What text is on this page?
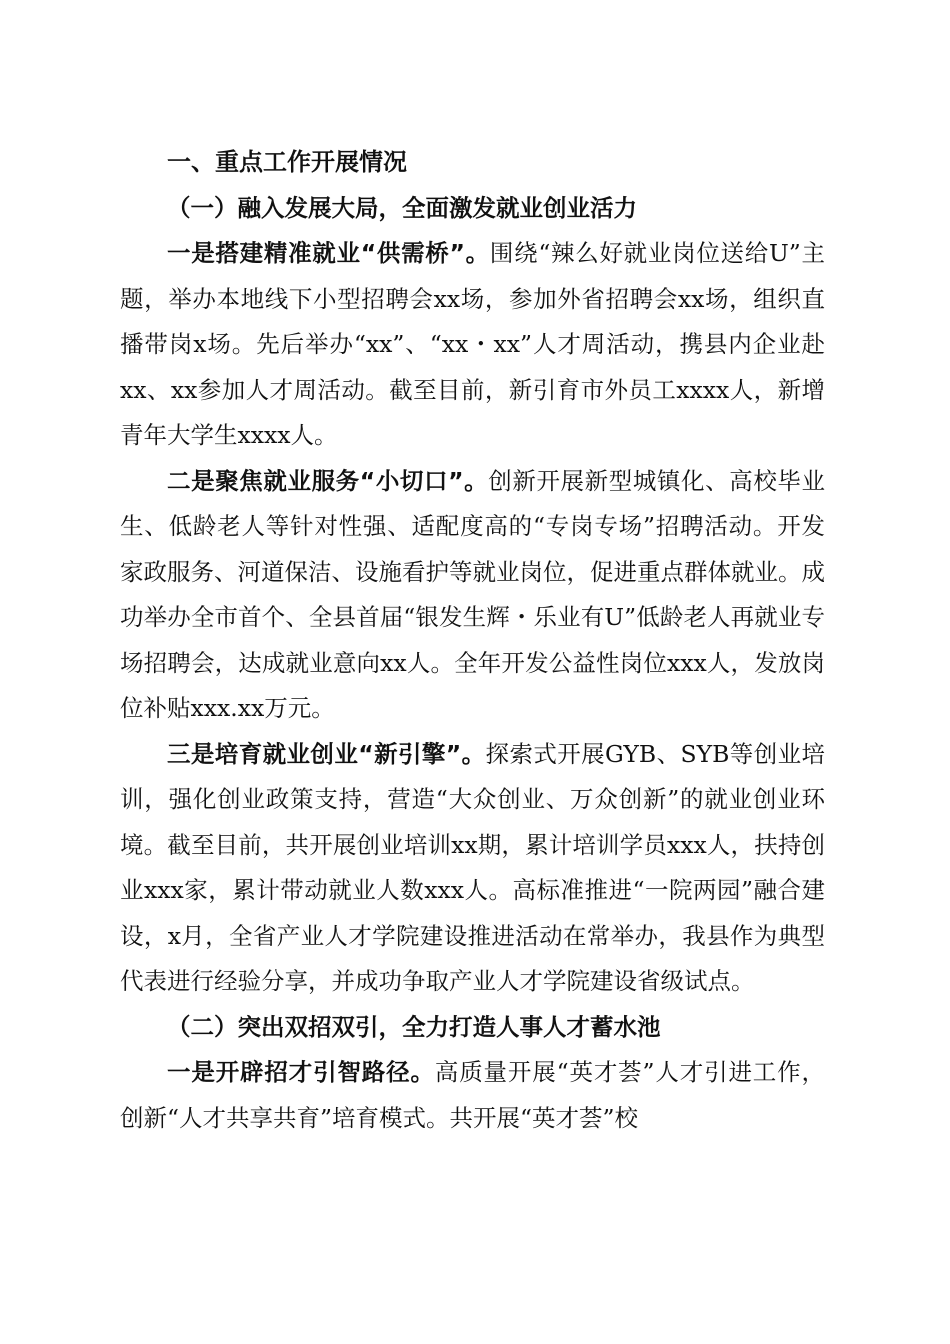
一、重点工作开展情况

（一）融入发展大局，全面激发就业创业活力

一是搭建精准就业“供需桥”。围绕“辣么好就业岗位送给U”主题，举办本地线下小型招聘会xx场，参加外省招聘会xx场，组织直播带岗x场。先后举办“xx”、“xx・xx”人才周活动，携县内企业赴xx、xx参加人才周活动。截至目前，新引育市外员工xxxx人，新增青年大学生xxxx人。

二是聚焦就业服务“小切口”。创新开展新型城镇化、高校毕业生、低龄老人等针对性强、适配度高的“专岗专场”招聘活动。开发家政服务、河道保洁、设施看护等就业岗位，促进重点群体就业。成功举办全市首个、全县首届“银发生辉・乐业有U”低龄老人再就业专场招聘会，达成就业意向xx人。全年开发公益性岗位xxx人，发放岗位补贴xxx.xx万元。

三是培育就业创业“新引擎”。探索式开展GYB、SYB等创业培训，强化创业政策支持，营造“大众创业、万众创新”的就业创业环境。截至目前，共开展创业培训xx期，累计培训学员xxx人，扶持创业xxx家，累计带动就业人数xxx人。高标准推进“一院两园”融合建设，x月，全省产业人才学院建设推进活动在常举办，我县作为典型代表进行经验分享，并成功争取产业人才学院建设省级试点。

（二）突出双招双引，全力打造人事人才蓄水池

一是开辟招才引智路径。高质量开展“英才荟”人才引进工作，创新“人才共享共育”培育模式。共开展“英才荟”校
